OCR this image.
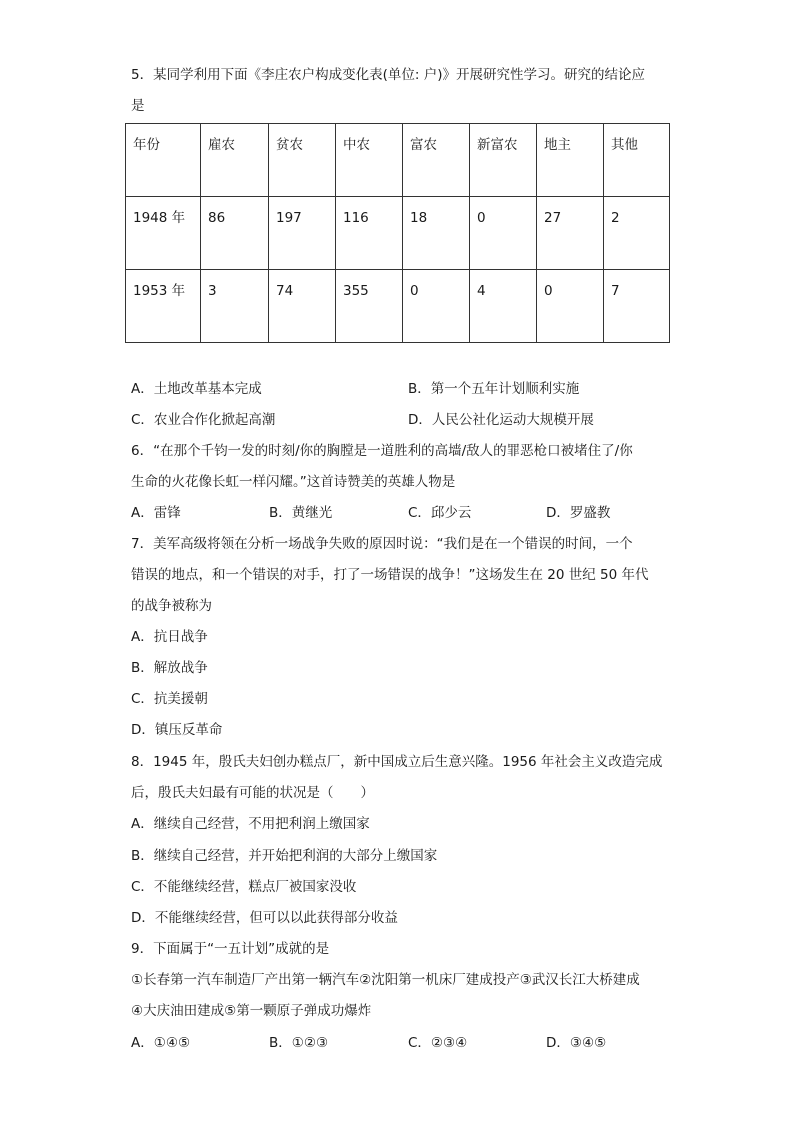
5．某同学利用下面《李庄农户构成变化表(单位: 户)》开展研究性学习。研究的结论应
是
年份	雇农	贫农	中农	富农	新富农	地主	其他
1948 年	86	197	116	18	0	27	2
1953 年	3	74	355	0	4	0	7
A．土地改革基本完成	B．第一个五年计划顺利实施
C．农业合作化掀起高潮	D．人民公社化运动大规模开展
6．“在那个千钧一发的时刻/你的胸膛是一道胜利的高墙/敌人的罪恶枪口被堵住了/你
生命的火花像长虹一样闪耀。”这首诗赞美的英雄人物是
A．雷锋	B．黄继光	C．邱少云	D．罗盛教
7．美军高级将领在分析一场战争失败的原因时说：“我们是在一个错误的时间，一个
错误的地点，和一个错误的对手，打了一场错误的战争！”这场发生在 20 世纪 50 年代
的战争被称为
A．抗日战争
B．解放战争
C．抗美援朝
D．镇压反革命
8．1945 年，殷氏夫妇创办糕点厂，新中国成立后生意兴隆。1956 年社会主义改造完成
后，殷氏夫妇最有可能的状况是（　　）
A．继续自己经营，不用把利润上缴国家
B．继续自己经营，并开始把利润的大部分上缴国家
C．不能继续经营，糕点厂被国家没收
D．不能继续经营，但可以以此获得部分收益
9．下面属于“一五计划”成就的是
①长春第一汽车制造厂产出第一辆汽车②沈阳第一机床厂建成投产③武汉长江大桥建成
④大庆油田建成⑤第一颗原子弹成功爆炸
A．①④⑤	B．①②③	C．②③④	D．③④⑤
